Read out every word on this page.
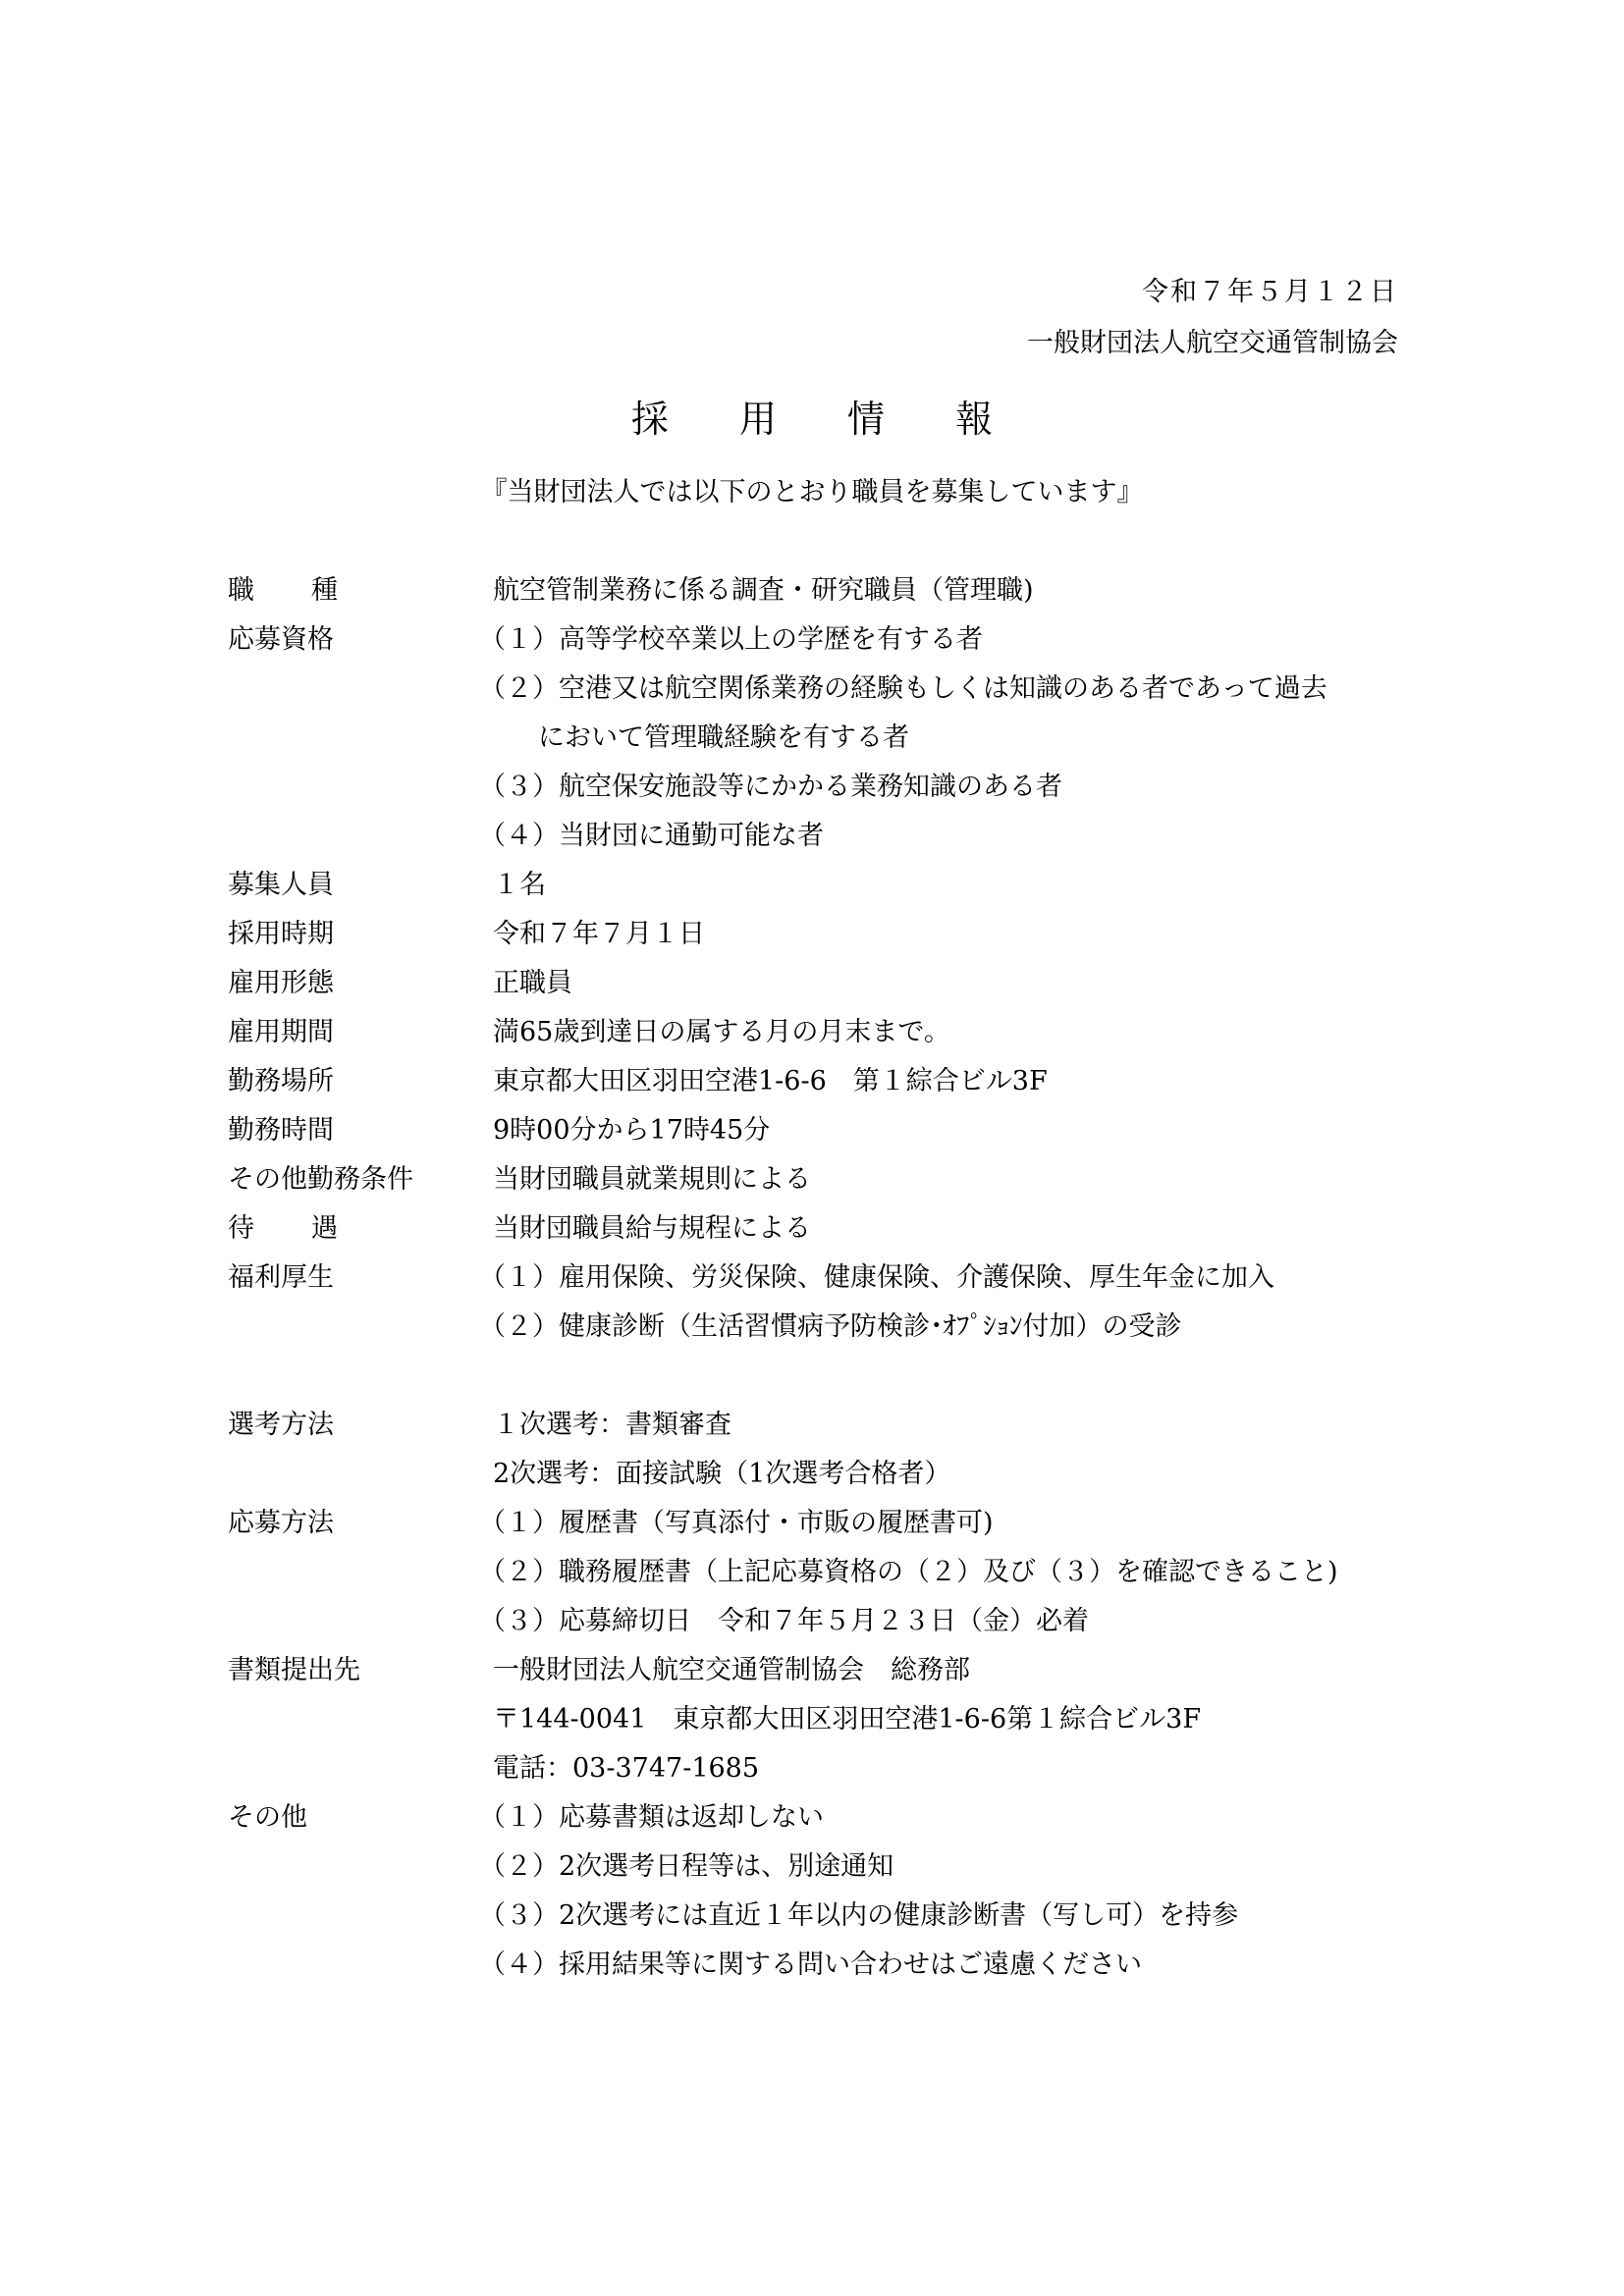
令和７年５月１２日
一般財団法人航空交通管制協会
採 用 情 報
『当財団法人では以下のとおり職員を募集しています』
職種	航空管制業務に係る調査・研究職員（管理職)
応募資格	（１）高等学校卒業以上の学歴を有する者
（２）空港又は航空関係業務の経験もしくは知識のある者であって過去
において管理職経験を有する者
（３）航空保安施設等にかかる業務知識のある者
（４）当財団に通勤可能な者
募集人員	１名
採用時期	令和７年７月１日
雇用形態	正職員
雇用期間	満65歳到達日の属する月の月末まで。
勤務場所	東京都大田区羽田空港1-6-6　第１綜合ビル3F
勤務時間	9時00分から17時45分
その他勤務条件	当財団職員就業規則による
待遇	当財団職員給与規程による
福利厚生	（１）雇用保険、労災保険、健康保険、介護保険、厚生年金に加入
（２）健康診断（生活習慣病予防検診･ｵﾌﾟｼｮﾝ付加）の受診
選考方法	１次選考：書類審査
2次選考：面接試験（1次選考合格者）
応募方法	（１）履歴書（写真添付・市販の履歴書可)
（２）職務履歴書（上記応募資格の（２）及び（３）を確認できること)
（３）応募締切日　令和７年５月２３日（金）必着
書類提出先	一般財団法人航空交通管制協会　総務部
〒144-0041　東京都大田区羽田空港1-6-6第１綜合ビル3F
電話：03-3747-1685
その他	（１）応募書類は返却しない
（２）2次選考日程等は、別途通知
（３）2次選考には直近１年以内の健康診断書（写し可）を持参
（４）採用結果等に関する問い合わせはご遠慮ください
